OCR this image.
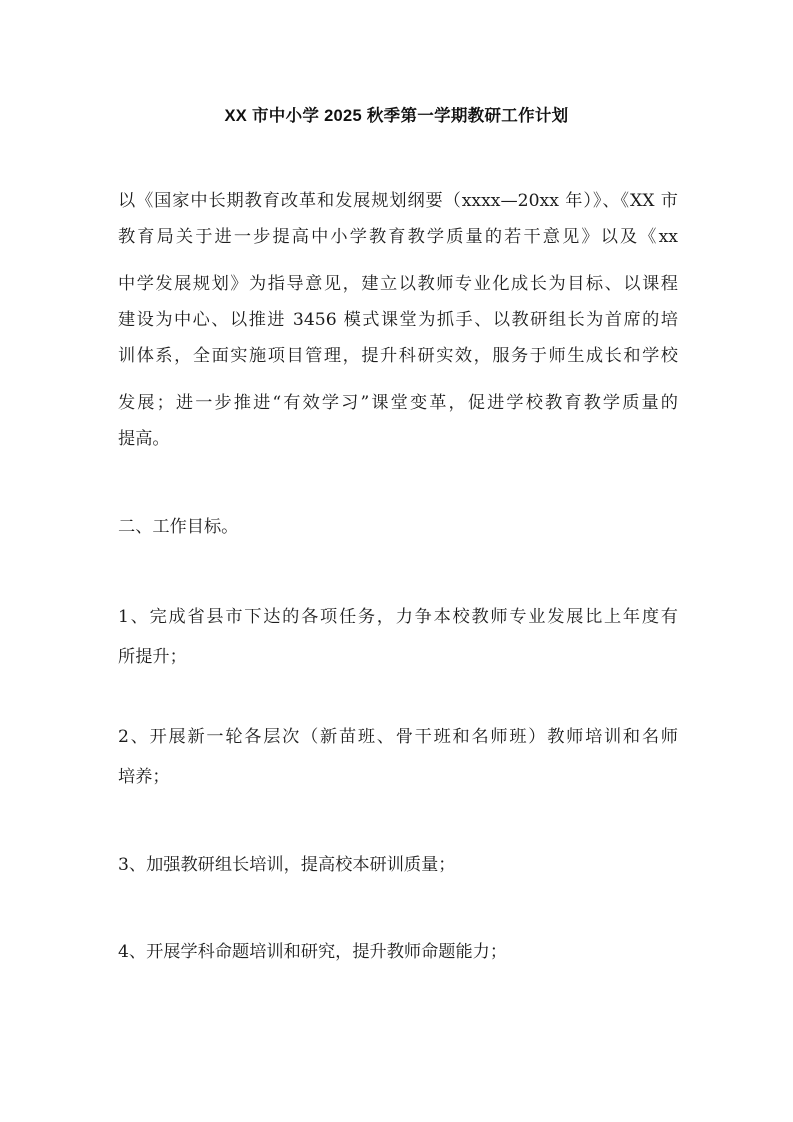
XX 市中小学 2025 秋季第一学期教研工作计划
以《国家中长期教育改革和发展规划纲要（xxxx—20xx 年）》、《XX 市
教育局关于进一步提高中小学教育教学质量的若干意见》以及《xx
中学发展规划》为指导意见，建立以教师专业化成长为目标、以课程
建设为中心、以推进 3456 模式课堂为抓手、以教研组长为首席的培
训体系，全面实施项目管理，提升科研实效，服务于师生成长和学校
发展；进一步推进“有效学习”课堂变革，促进学校教育教学质量的
提高。
二、工作目标。
1、完成省县市下达的各项任务，力争本校教师专业发展比上年度有
所提升；
2、开展新一轮各层次（新苗班、骨干班和名师班）教师培训和名师
培养；
3、加强教研组长培训，提高校本研训质量；
4、开展学科命题培训和研究，提升教师命题能力；
